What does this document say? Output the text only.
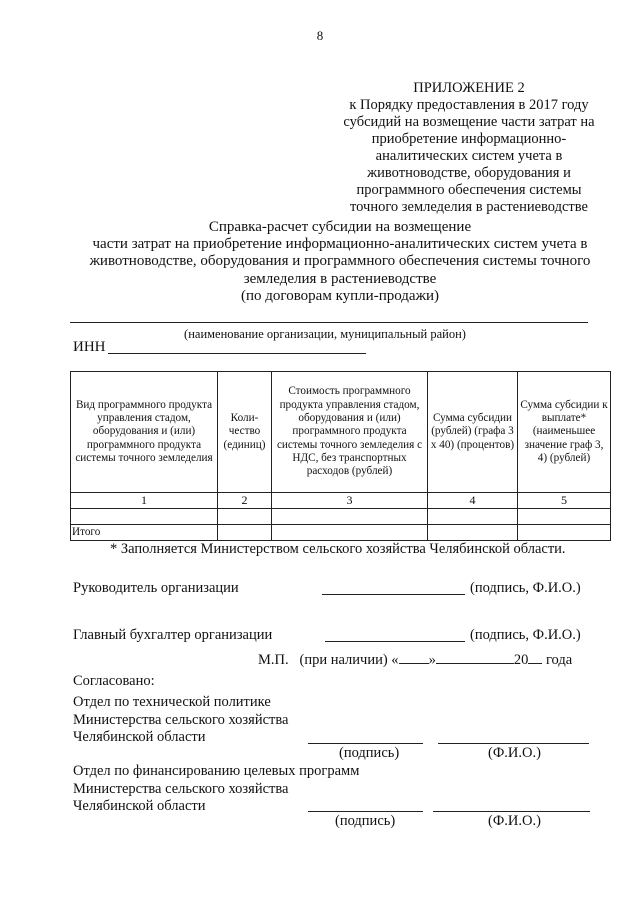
8
ПРИЛОЖЕНИЕ 2
к Порядку предоставления в 2017 году
субсидий на возмещение части затрат на
приобретение информационно-
аналитических систем учета в
животноводстве, оборудования и
программного обеспечения системы
точного земледелия в растениеводстве
Справка-расчет субсидии на возмещение
части затрат на приобретение информационно-аналитических систем учета в
животноводстве, оборудования и программного обеспечения системы точного
земледелия в растениеводстве
(по договорам купли-продажи)
(наименование организации, муниципальный район)
ИНН
Вид программного продукта управления стадом, оборудования и (или) программного продукта системы точного земледелия	Коли-чество (единиц)	Стоимость программного продукта управления стадом, оборудования и (или) программного продукта системы точного земледелия с НДС, без транспортных расходов (рублей)	Сумма субсидии (рублей) (графа 3 х 40) (процентов)	Сумма субсидии к выплате* (наименьшее значение граф 3, 4) (рублей)
1	2	3	4	5

Итого				
* Заполняется Министерством сельского хозяйства Челябинской области.
Руководитель организации	(подпись, Ф.И.О.)
Главный бухгалтер организации	(подпись, Ф.И.О.)
М.П. (при наличии) « »	20 года
Согласовано:
Отдел по технической политике
Министерства сельского хозяйства
Челябинской области
(подпись)	(Ф.И.О.)
Отдел по финансированию целевых программ
Министерства сельского хозяйства
Челябинской области
(подпись)	(Ф.И.О.)
